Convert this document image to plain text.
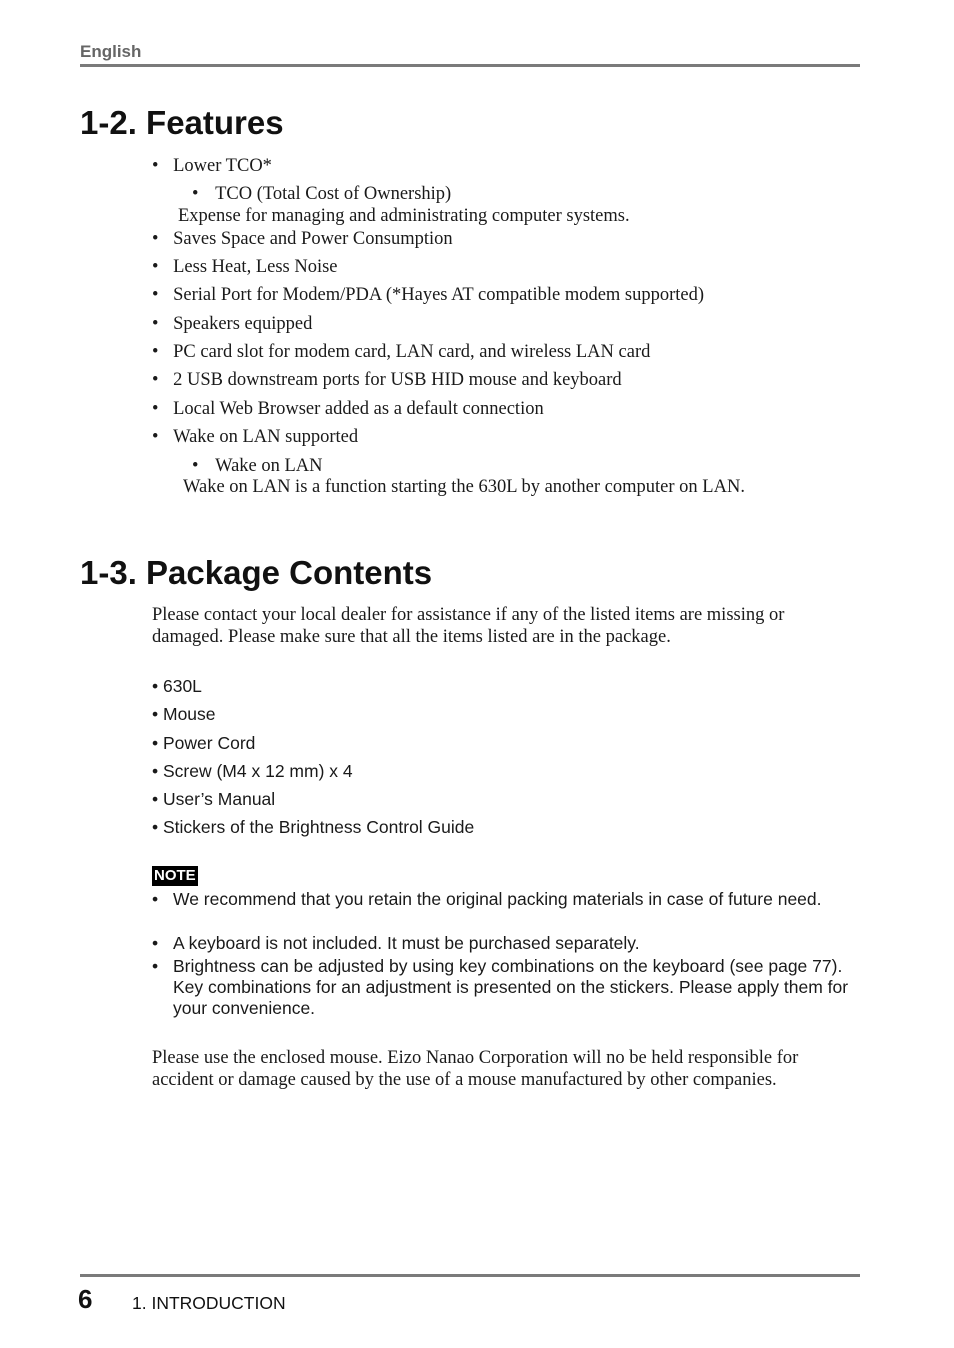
English
1-2. Features
• Lower TCO*
• TCO (Total Cost of Ownership)
Expense for managing and administrating computer systems.
• Saves Space and Power Consumption
• Less Heat, Less Noise
• Serial Port for Modem/PDA (*Hayes AT compatible modem supported)
• Speakers equipped
• PC card slot for modem card, LAN card, and wireless LAN card
• 2 USB downstream ports for USB HID mouse and keyboard
• Local Web Browser added as a default connection
• Wake on LAN supported
• Wake on LAN
Wake on LAN is a function starting the 630L by another computer on LAN.
1-3. Package Contents
Please contact your local dealer for assistance if any of the listed items are missing or damaged. Please make sure that all the items listed are in the package.
• 630L
• Mouse
• Power Cord
• Screw (M4 x 12 mm) x 4
• User’s Manual
• Stickers of the Brightness Control Guide
NOTE
• We recommend that you retain the original packing materials in case of future need.
• A keyboard is not included. It must be purchased separately.
• Brightness can be adjusted by using key combinations on the keyboard (see page 77). Key combinations for an adjustment is presented on the stickers. Please apply them for your convenience.
Please use the enclosed mouse. Eizo Nanao Corporation will no be held responsible for accident or damage caused by the use of a mouse manufactured by other companies.
6 1. INTRODUCTION
